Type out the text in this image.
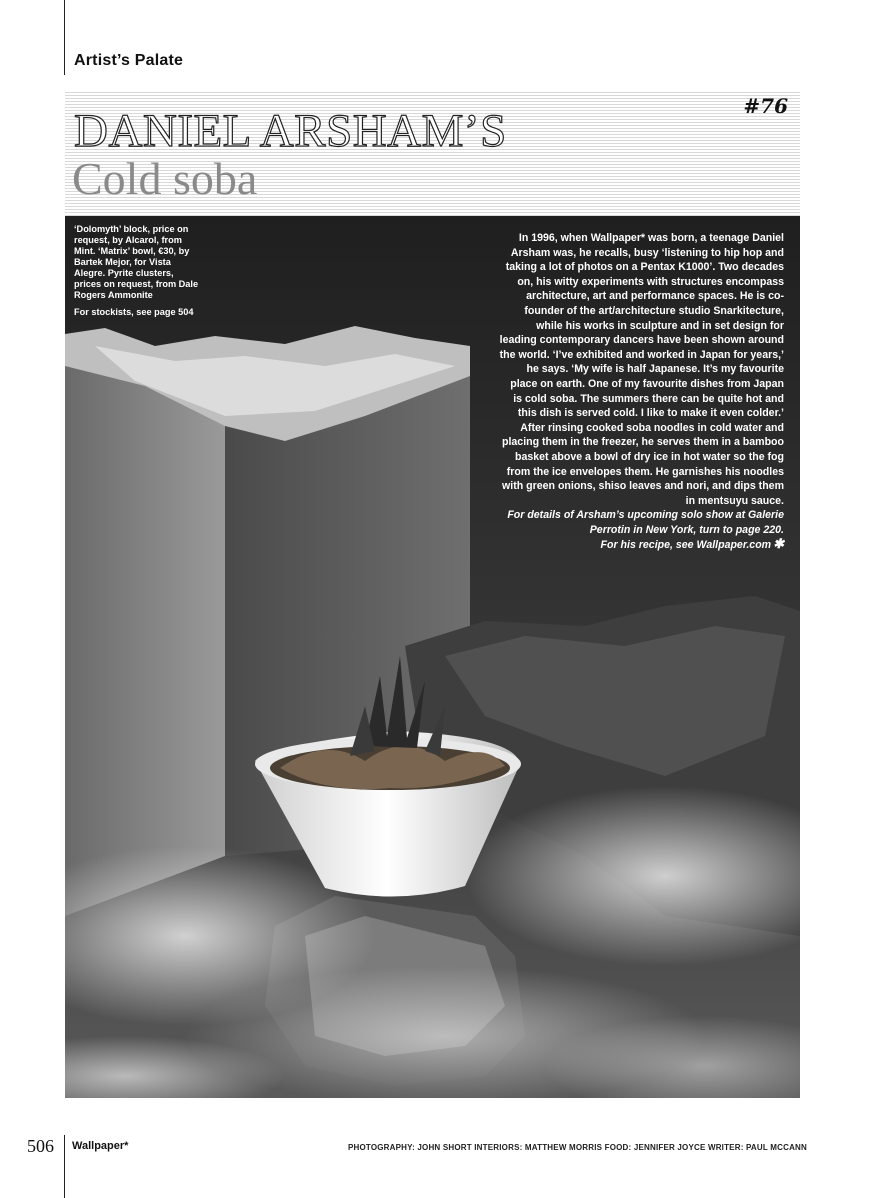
Artist’s Palate
#76
DANIEL ARSHAM’S
Cold soba

‘Dolomyth’ block, price on request, by Alcarol, from Mint. ‘Matrix’ bowl, €30, by Bartek Mejor, for Vista Alegre. Pyrite clusters, prices on request, from Dale Rogers Ammonite

For stockists, see page 504

In 1996, when Wallpaper* was born, a teenage Daniel Arsham was, he recalls, busy ‘listening to hip hop and taking a lot of photos on a Pentax K1000’. Two decades on, his witty experiments with structures encompass architecture, art and performance spaces. He is co-founder of the art/architecture studio Snarkitecture, while his works in sculpture and in set design for leading contemporary dancers have been shown around the world. ‘I’ve exhibited and worked in Japan for years,’ he says. ‘My wife is half Japanese. It’s my favourite place on earth. One of my favourite dishes from Japan is cold soba. The summers there can be quite hot and this dish is served cold. I like to make it even colder.’ After rinsing cooked soba noodles in cold water and placing them in the freezer, he serves them in a bamboo basket above a bowl of dry ice in hot water so the fog from the ice envelopes them. He garnishes his noodles with green onions, shiso leaves and nori, and dips them in mentsuyu sauce.

For details of Arsham’s upcoming solo show at Galerie Perrotin in New York, turn to page 220.

For his recipe, see Wallpaper.com ✱

506 Wallpaper*	PHOTOGRAPHY: JOHN SHORT INTERIORS: MATTHEW MORRIS FOOD: JENNIFER JOYCE WRITER: PAUL MCCANN
